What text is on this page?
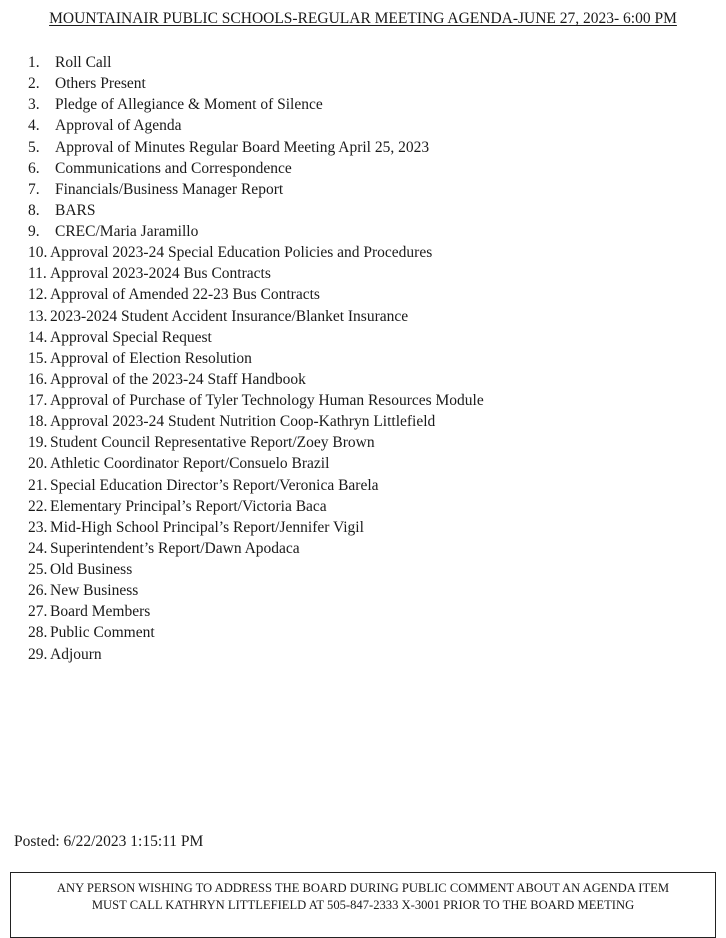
MOUNTAINAIR PUBLIC SCHOOLS-REGULAR MEETING AGENDA-JUNE 27, 2023- 6:00 PM
1. Roll Call
2. Others Present
3. Pledge of Allegiance & Moment of Silence
4. Approval of Agenda
5. Approval of Minutes Regular Board Meeting April 25, 2023
6. Communications and Correspondence
7. Financials/Business Manager Report
8. BARS
9. CREC/Maria Jaramillo
10. Approval 2023-24 Special Education Policies and Procedures
11. Approval 2023-2024 Bus Contracts
12. Approval of Amended 22-23 Bus Contracts
13. 2023-2024 Student Accident Insurance/Blanket Insurance
14. Approval Special Request
15. Approval of Election Resolution
16. Approval of the 2023-24 Staff Handbook
17. Approval of Purchase of Tyler Technology Human Resources Module
18. Approval 2023-24 Student Nutrition Coop-Kathryn Littlefield
19. Student Council Representative Report/Zoey Brown
20. Athletic Coordinator Report/Consuelo Brazil
21. Special Education Director’s Report/Veronica Barela
22. Elementary Principal’s Report/Victoria Baca
23. Mid-High School Principal’s Report/Jennifer Vigil
24. Superintendent’s Report/Dawn Apodaca
25. Old Business
26. New Business
27. Board Members
28. Public Comment
29. Adjourn
Posted: 6/22/2023 1:15:11 PM
ANY PERSON WISHING TO ADDRESS THE BOARD DURING PUBLIC COMMENT ABOUT AN AGENDA ITEM
MUST CALL KATHRYN LITTLEFIELD AT 505-847-2333 X-3001 PRIOR TO THE BOARD MEETING
